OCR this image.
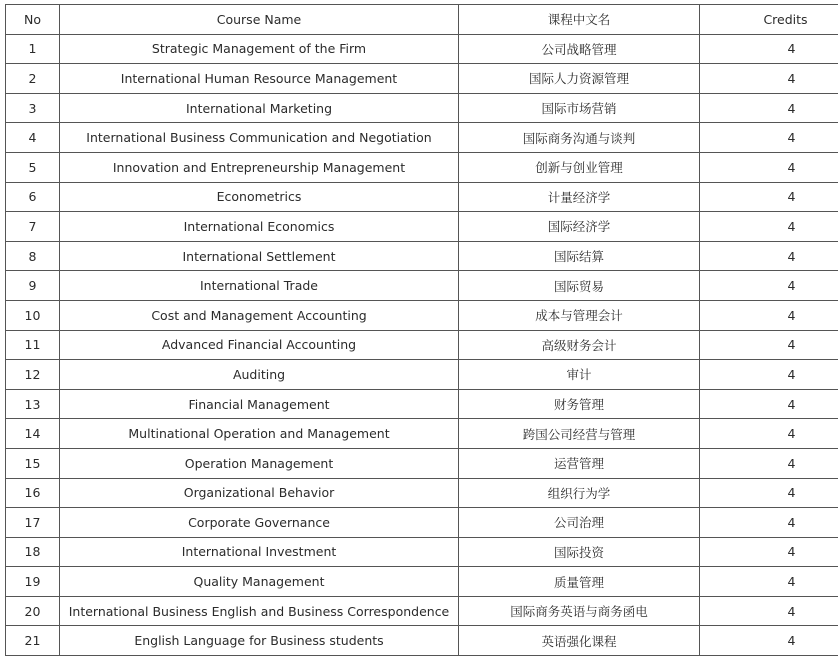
No	Course Name	课程中文名	Credits
1	Strategic Management of the Firm	公司战略管理	4
2	International Human Resource Management	国际人力资源管理	4
3	International Marketing	国际市场营销	4
4	International Business Communication and Negotiation	国际商务沟通与谈判	4
5	Innovation and Entrepreneurship Management	创新与创业管理	4
6	Econometrics	计量经济学	4
7	International Economics	国际经济学	4
8	International Settlement	国际结算	4
9	International Trade	国际贸易	4
10	Cost and Management Accounting	成本与管理会计	4
11	Advanced Financial Accounting	高级财务会计	4
12	Auditing	审计	4
13	Financial Management	财务管理	4
14	Multinational Operation and Management	跨国公司经营与管理	4
15	Operation Management	运营管理	4
16	Organizational Behavior	组织行为学	4
17	Corporate Governance	公司治理	4
18	International Investment	国际投资	4
19	Quality Management	质量管理	4
20	International Business English and Business Correspondence	国际商务英语与商务函电	4
21	English Language for Business students	英语强化课程	4
